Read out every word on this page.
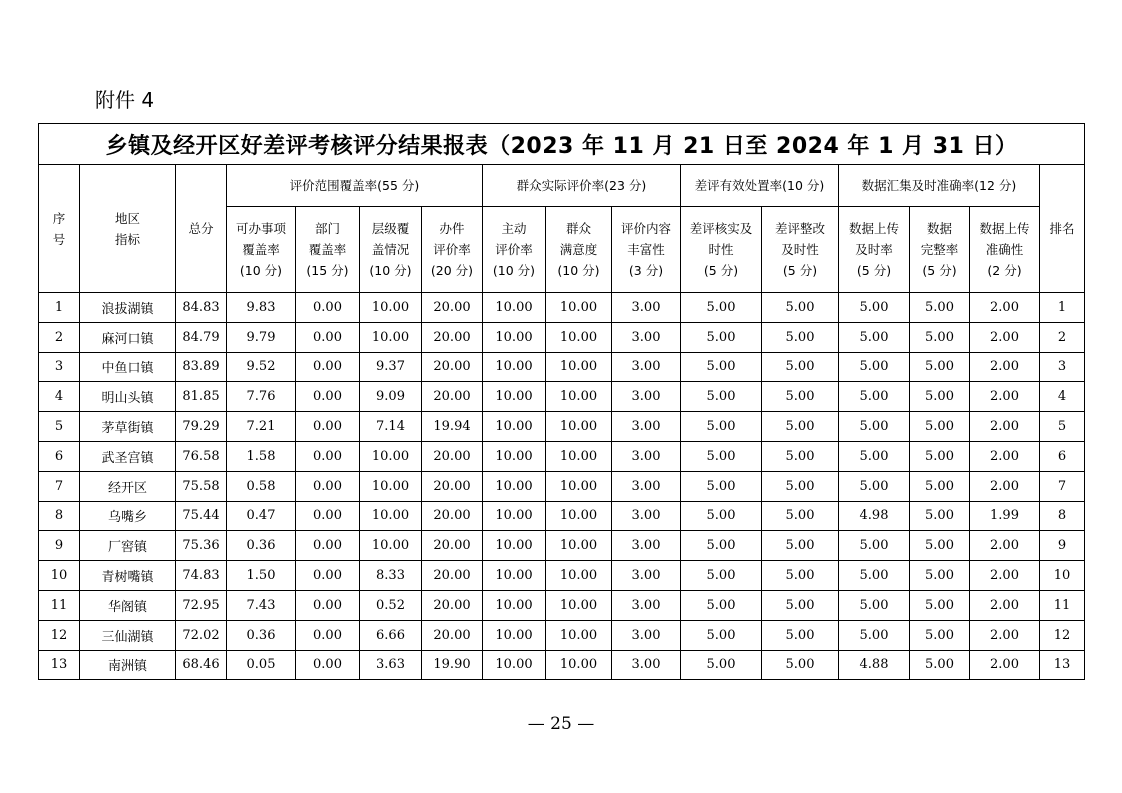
附件 4
乡镇及经开区好差评考核评分结果报表（2023 年 11 月 21 日至 2024 年 1 月 31 日）															
序
号	地区
指标	总分	评价范围覆盖率(55 分)				群众实际评价率(23 分)			差评有效处置率(10 分)		数据汇集及时准确率(12 分)			排名
			可办事项
覆盖率
(10 分)	部门
覆盖率
(15 分)	层级覆
盖情况
(10 分)	办件
评价率
(20 分)	主动
评价率
(10 分)	群众
满意度
(10 分)	评价内容
丰富性
(3 分)	差评核实及
时性
(5 分)	差评整改
及时性
(5 分)	数据上传
及时率
(5 分)	数据
完整率
(5 分)	数据上传
准确性
(2 分)	
1	浪拔湖镇	84.83	9.83	0.00	10.00	20.00	10.00	10.00	3.00	5.00	5.00	5.00	5.00	2.00	1
2	麻河口镇	84.79	9.79	0.00	10.00	20.00	10.00	10.00	3.00	5.00	5.00	5.00	5.00	2.00	2
3	中鱼口镇	83.89	9.52	0.00	9.37	20.00	10.00	10.00	3.00	5.00	5.00	5.00	5.00	2.00	3
4	明山头镇	81.85	7.76	0.00	9.09	20.00	10.00	10.00	3.00	5.00	5.00	5.00	5.00	2.00	4
5	茅草街镇	79.29	7.21	0.00	7.14	19.94	10.00	10.00	3.00	5.00	5.00	5.00	5.00	2.00	5
6	武圣宫镇	76.58	1.58	0.00	10.00	20.00	10.00	10.00	3.00	5.00	5.00	5.00	5.00	2.00	6
7	经开区	75.58	0.58	0.00	10.00	20.00	10.00	10.00	3.00	5.00	5.00	5.00	5.00	2.00	7
8	乌嘴乡	75.44	0.47	0.00	10.00	20.00	10.00	10.00	3.00	5.00	5.00	4.98	5.00	1.99	8
9	厂窖镇	75.36	0.36	0.00	10.00	20.00	10.00	10.00	3.00	5.00	5.00	5.00	5.00	2.00	9
10	青树嘴镇	74.83	1.50	0.00	8.33	20.00	10.00	10.00	3.00	5.00	5.00	5.00	5.00	2.00	10
11	华阁镇	72.95	7.43	0.00	0.52	20.00	10.00	10.00	3.00	5.00	5.00	5.00	5.00	2.00	11
12	三仙湖镇	72.02	0.36	0.00	6.66	20.00	10.00	10.00	3.00	5.00	5.00	5.00	5.00	2.00	12
13	南洲镇	68.46	0.05	0.00	3.63	19.90	10.00	10.00	3.00	5.00	5.00	4.88	5.00	2.00	13
— 25 —
